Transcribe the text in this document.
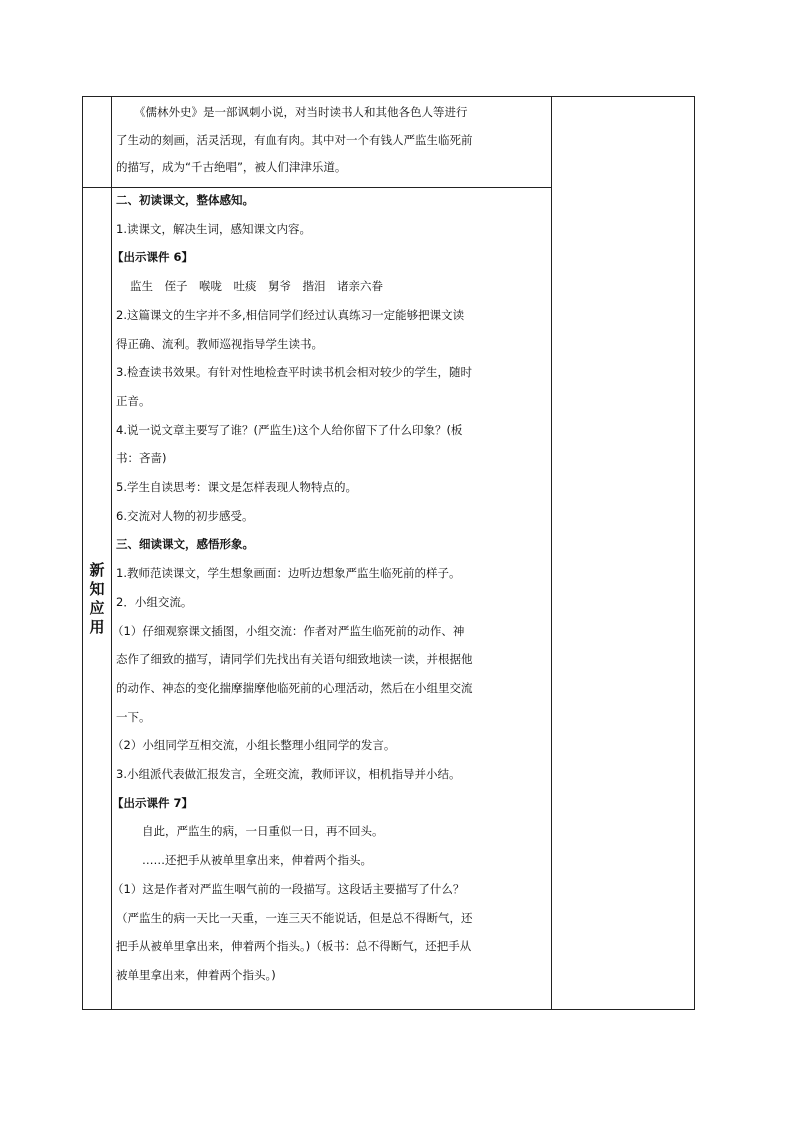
新
知
应
用
《儒林外史》是一部讽刺小说，对当时读书人和其他各色人等进行
了生动的刻画，活灵活现，有血有肉。其中对一个有钱人严监生临死前
的描写，成为“千古绝唱”，被人们津津乐道。
二、初读课文，整体感知。
1.读课文，解决生词，感知课文内容。
【出示课件 6】
监生　侄子　喉咙　吐痰　舅爷　揩泪　诸亲六眷
2.这篇课文的生字并不多,相信同学们经过认真练习一定能够把课文读
得正确、流利。教师巡视指导学生读书。
3.检查读书效果。有针对性地检查平时读书机会相对较少的学生，随时
正音。
4.说一说文章主要写了谁？(严监生)这个人给你留下了什么印象？(板
书：吝啬)
5.学生自读思考：课文是怎样表现人物特点的。
6.交流对人物的初步感受。
三、细读课文，感悟形象。
1.教师范读课文，学生想象画面：边听边想象严监生临死前的样子。
2．小组交流。
（1）仔细观察课文插图，小组交流：作者对严监生临死前的动作、神
态作了细致的描写，请同学们先找出有关语句细致地读一读，并根据他
的动作、神态的变化揣摩揣摩他临死前的心理活动，然后在小组里交流
一下。
（2）小组同学互相交流，小组长整理小组同学的发言。
3.小组派代表做汇报发言，全班交流，教师评议，相机指导并小结。
【出示课件 7】
自此，严监生的病，一日重似一日，再不回头。
……还把手从被单里拿出来，伸着两个指头。
（1）这是作者对严监生咽气前的一段描写。这段话主要描写了什么？
（严监生的病一天比一天重，一连三天不能说话，但是总不得断气，还
把手从被单里拿出来，伸着两个指头。)（板书：总不得断气，还把手从
被单里拿出来，伸着两个指头。)
